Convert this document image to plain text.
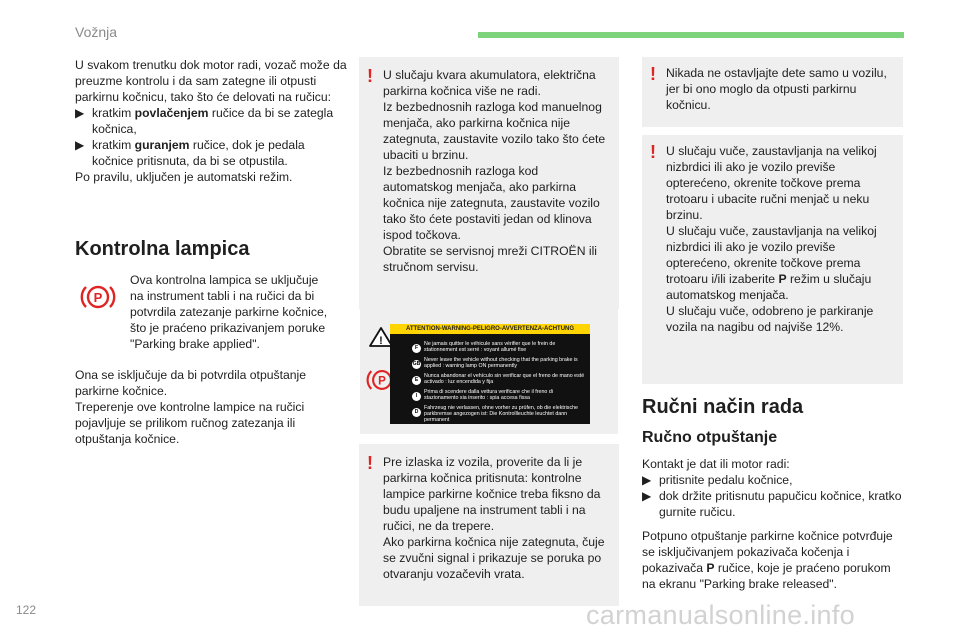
Vožnja

U svakom trenutku dok motor radi, vozač može da preuzme kontrolu i da sam zategne ili otpusti parkirnu kočnicu, tako što će delovati na ručicu:

▶︎ kratkim povlačenjem ručice da bi se zategla kočnica,

▶︎ kratkim guranjem ručice, dok je pedala kočnice pritisnuta, da bi se otpustila.

Po pravilu, uključen je automatski režim.

Kontrolna lampica
P

Ova kontrolna lampica se uključuje na instrument tabli i na ručici da bi potvrdila zatezanje parkirne kočnice, što je praćeno prikazivanjem poruke "Parking brake applied".

Ona se isključuje da bi potvrdila otpuštanje parkirne kočnice.

Treperenje ove kontrolne lampice na ručici pojavljuje se prilikom ručnog zatezanja ili otpuštanja kočnice.

! U slučaju kvara akumulatora, električna parkirna kočnica više ne radi.

Iz bezbednosnih razloga kod manuelnog menjača, ako parkirna kočnica nije zategnuta, zaustavite vozilo tako što ćete ubaciti u brzinu.

Iz bezbednosnih razloga kod automatskog menjača, ako parkirna kočnica nije zategnuta, zaustavite vozilo tako što ćete postaviti jedan od klinova ispod točkova.

Obratite se servisnoj mreži CITROËN ili stručnom servisu.

!
P
ATTENTION-WARNING-PELIGRO-AVVERTENZA-ACHTUNG
F
Ne jamais quitter le véhicule sans vérifier que le frein de stationnement est serré : voyant allumé fixe
GB
Never leave the vehicle without checking that the parking brake is applied : warning lamp ON permanently
E
Nunca abandonar el vehículo sin verificar que el freno de mano esté activado : luz encendida y fija
I
Prima di scendere dalla vettura verificare che il freno di stazionamento sia inserito : spia accesa fissa
D
Fahrzeug nie verlassen, ohne vorher zu prüfen, ob die elektrische parkbremse angezogen ist: Die Kontrollleuchte leuchtet dann permanent
! Pre izlaska iz vozila, proverite da li je parkirna kočnica pritisnuta: kontrolne lampice parkirne kočnice treba fiksno da budu upaljene na instrument tabli i na ručici, ne da trepere.

Ako parkirna kočnica nije zategnuta, čuje se zvučni signal i prikazuje se poruka po otvaranju vozačevih vrata.

! Nikada ne ostavljajte dete samo u vozilu, jer bi ono moglo da otpusti parkirnu kočnicu.

! U slučaju vuče, zaustavljanja na velikoj nizbrdici ili ako je vozilo previše opterećeno, okrenite točkove prema trotoaru i ubacite ručni menjač u neku brzinu.

U slučaju vuče, zaustavljanja na velikoj nizbrdici ili ako je vozilo previše opterećeno, okrenite točkove prema trotoaru i/ili izaberite P režim u slučaju automatskog menjača.

U slučaju vuče, odobreno je parkiranje vozila na nagibu od najviše 12%.

Ručni način rada
Ručno otpuštanje

Kontakt je dat ili motor radi:

▶︎ pritisnite pedalu kočnice,

▶︎ dok držite pritisnutu papučicu kočnice, kratko gurnite ručicu.

Potpuno otpuštanje parkirne kočnice potvrđuje se isključivanjem pokazivača kočenja i pokazivača P ručice, koje je praćeno porukom na ekranu "Parking brake released".

122	carmanualsonline.info
